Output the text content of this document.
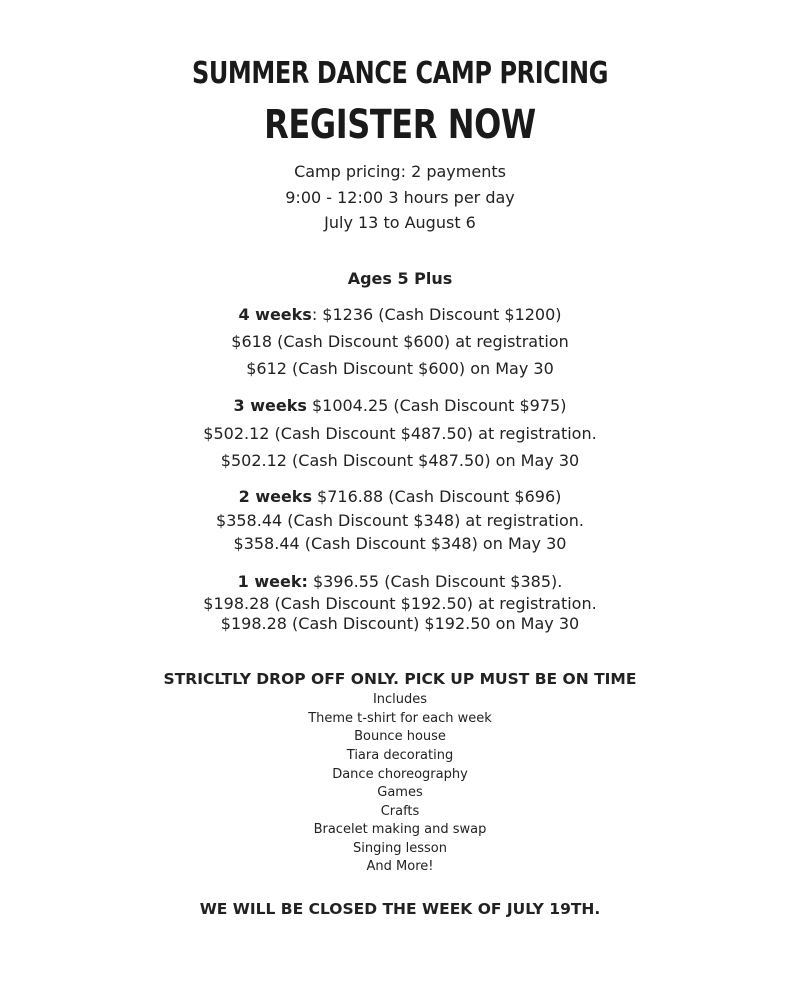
SUMMER DANCE CAMP PRICING
REGISTER NOW
Camp pricing: 2 payments
9:00 - 12:00 3 hours per day
July 13 to August 6
Ages 5 Plus
4 weeks: $1236 (Cash Discount $1200)
$618 (Cash Discount $600) at registration
$612 (Cash Discount $600) on May 30
3 weeks $1004.25 (Cash Discount $975)
$502.12 (Cash Discount $487.50) at registration.
$502.12 (Cash Discount $487.50) on May 30
2 weeks $716.88 (Cash Discount $696)
$358.44 (Cash Discount $348) at registration.
$358.44 (Cash Discount $348) on May 30
1 week: $396.55 (Cash Discount $385).
$198.28 (Cash Discount $192.50) at registration.
$198.28 (Cash Discount) $192.50 on May 30
STRICLTLY DROP OFF ONLY. PICK UP MUST BE ON TIME
Includes
Theme t-shirt for each week
Bounce house
Tiara decorating
Dance choreography
Games
Crafts
Bracelet making and swap
Singing lesson
And More!
WE WILL BE CLOSED THE WEEK OF JULY 19TH.
